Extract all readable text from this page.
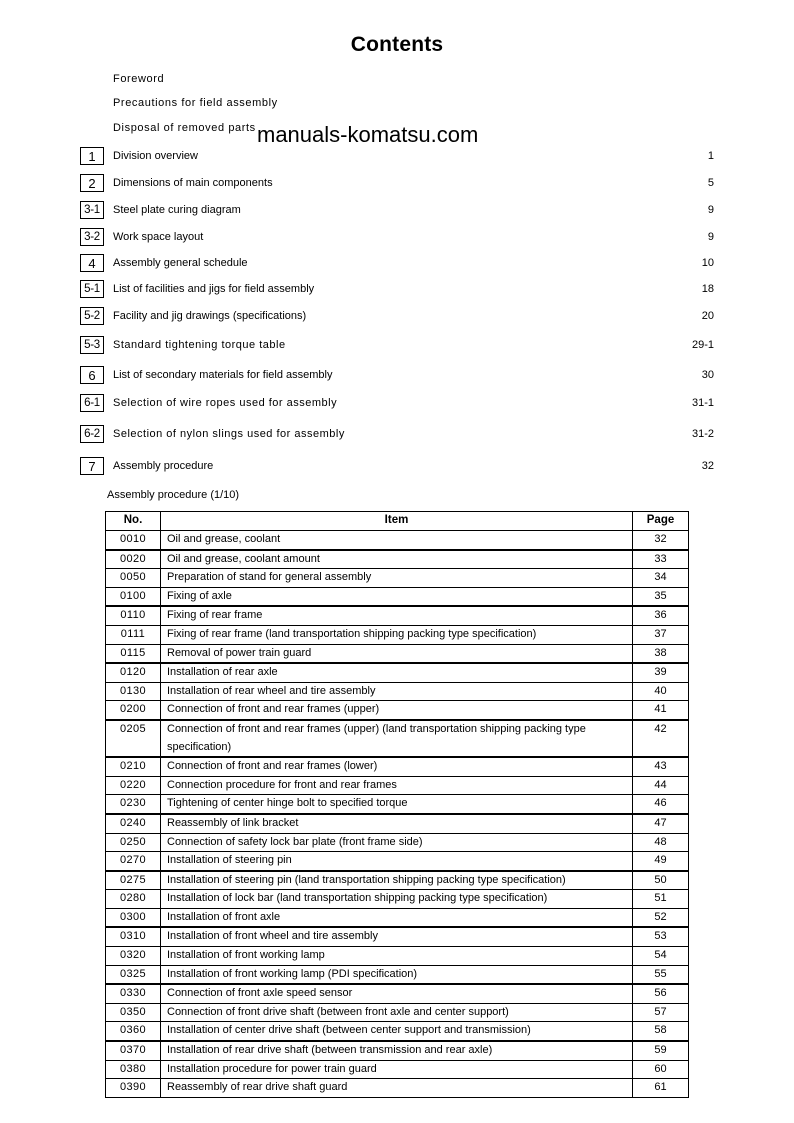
Contents
Foreword
Precautions for field assembly
Disposal of removed parts manuals-komatsu.com
1	Division overview	1
2	Dimensions of main components	5
3-1	Steel plate curing diagram	9
3-2	Work space layout	9
4	Assembly general schedule	10
5-1	List of facilities and jigs for field assembly	18
5-2	Facility and jig drawings (specifications)	20
5-3	Standard tightening torque table	29-1
6	List of secondary materials for field assembly	30
6-1	Selection of wire ropes used for assembly	31-1
6-2	Selection of nylon slings used for assembly	31-2
7	Assembly procedure	32
Assembly procedure (1/10)
No.	Item	Page
0010	Oil and grease, coolant	32
0020	Oil and grease, coolant amount	33
0050	Preparation of stand for general assembly	34
0100	Fixing of axle	35
0110	Fixing of rear frame	36
0111	Fixing of rear frame (land transportation shipping packing type specification)	37
0115	Removal of power train guard	38
0120	Installation of rear axle	39
0130	Installation of rear wheel and tire assembly	40
0200	Connection of front and rear frames (upper)	41
0205	Connection of front and rear frames (upper) (land transportation shipping packing type specification)	42
0210	Connection of front and rear frames (lower)	43
0220	Connection procedure for front and rear frames	44
0230	Tightening of center hinge bolt to specified torque	46
0240	Reassembly of link bracket	47
0250	Connection of safety lock bar plate (front frame side)	48
0270	Installation of steering pin	49
0275	Installation of steering pin (land transportation shipping packing type specification)	50
0280	Installation of lock bar (land transportation shipping packing type specification)	51
0300	Installation of front axle	52
0310	Installation of front wheel and tire assembly	53
0320	Installation of front working lamp	54
0325	Installation of front working lamp (PDI specification)	55
0330	Connection of front axle speed sensor	56
0350	Connection of front drive shaft (between front axle and center support)	57
0360	Installation of center drive shaft (between center support and transmission)	58
0370	Installation of rear drive shaft (between transmission and rear axle)	59
0380	Installation procedure for power train guard	60
0390	Reassembly of rear drive shaft guard	61
